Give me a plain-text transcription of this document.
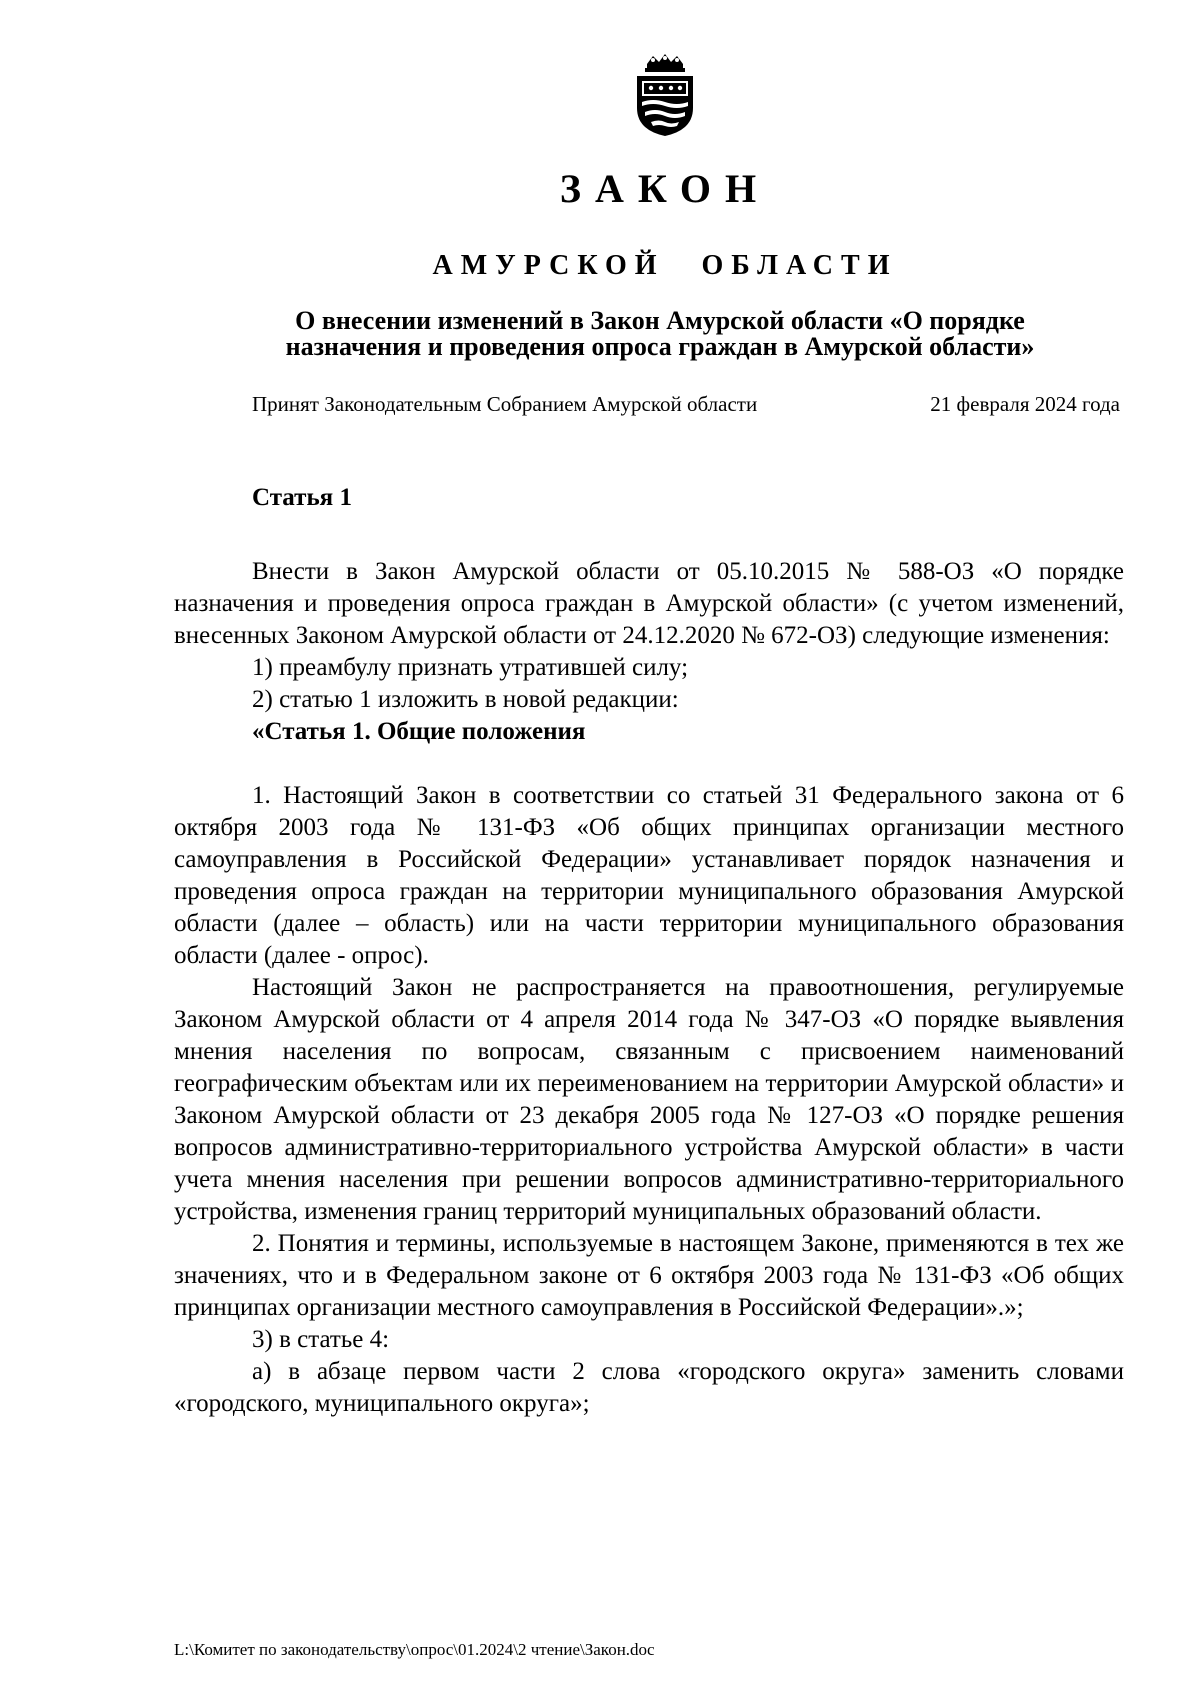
ЗАКОН
АМУРСКОЙ ОБЛАСТИ

О внесении изменений в Закон Амурской области «О порядке назначения и проведения опроса граждан в Амурской области»

Принят Законодательным Собранием Амурской области	21 февраля 2024 года
Статья 1

Внести в Закон Амурской области от 05.10.2015 № 588-ОЗ «О порядке назначения и проведения опроса граждан в Амурской области» (с учетом изменений, внесенных Законом Амурской области от 24.12.2020 № 672-ОЗ) следующие изменения:

1) преамбулу признать утратившей силу;

2) статью 1 изложить в новой редакции:

«Статья 1. Общие положения

1. Настоящий Закон в соответствии со статьей 31 Федерального закона от 6 октября 2003 года № 131-ФЗ «Об общих принципах организации местного самоуправления в Российской Федерации» устанавливает порядок назначения и проведения опроса граждан на территории муниципального образования Амурской области (далее – область) или на части территории муниципального образования области (далее - опрос).

Настоящий Закон не распространяется на правоотношения, регулируемые Законом Амурской области от 4 апреля 2014 года № 347-ОЗ «О порядке выявления мнения населения по вопросам, связанным с присвоением наименований географическим объектам или их переименованием на территории Амурской области» и Законом Амурской области от 23 декабря 2005 года № 127-ОЗ «О порядке решения вопросов административно-территориального устройства Амурской области» в части учета мнения населения при решении вопросов административно-территориального устройства, изменения границ территорий муниципальных образований области.

2. Понятия и термины, используемые в настоящем Законе, применяются в тех же значениях, что и в Федеральном законе от 6 октября 2003 года № 131-ФЗ «Об общих принципах организации местного самоуправления в Российской Федерации».»;

3) в статье 4:

а) в абзаце первом части 2 слова «городского округа» заменить словами «городского, муниципального округа»;

L:\Комитет по законодательству\опрос\01.2024\2 чтение\Закон.doc
